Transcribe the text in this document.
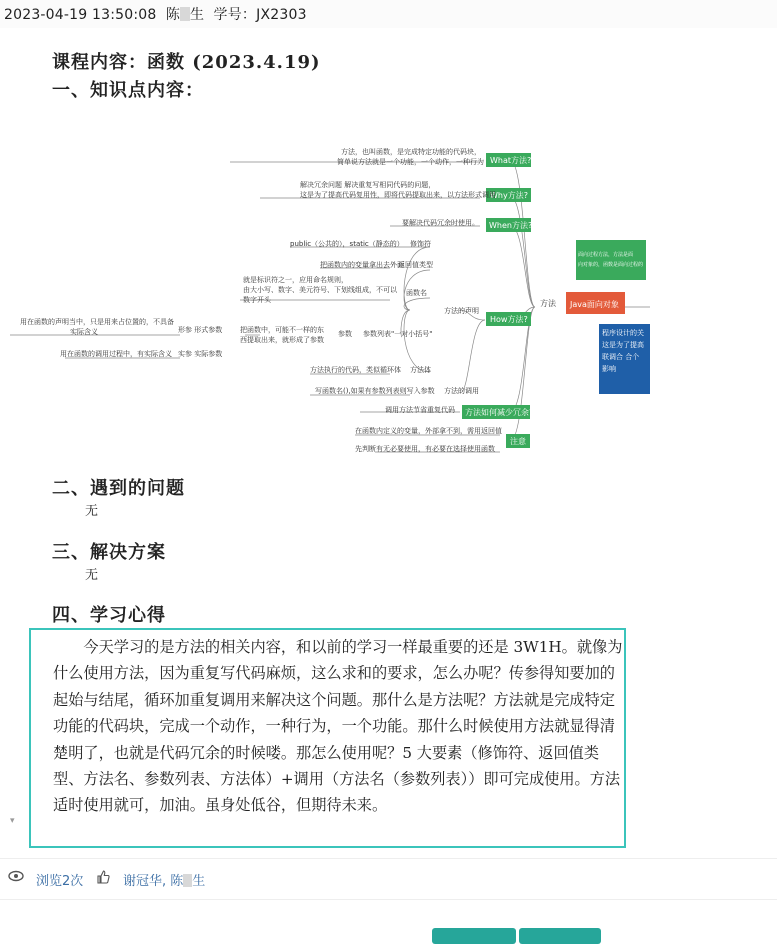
2023-04-19 13:50:08 陈 生 学号：JX2303
课程内容：函数 (2023.4.19)
一、知识点内容：
What方法?
Why方法?
When方法?
How方法?
方法如何减少冗余?
注意
方法 Java面向对象
面向过程方法，方法是面
向对象的，函数是面向过程的
程序设计的关
这是为了提高
联调合 合个
影响
方法，也叫函数，是完成特定功能的代码块，
简单说方法就是一个功能，一个动作，一种行为
解决冗余问题 解决重复写相同代码的问题，
这是为了提高代码复用性，即将代码提取出来，以方法形式调用
要解决代码冗余时使用。
public（公共的），static（静态的） 修饰符
把函数内的变量拿出去外面
返回值类型
就是标识符之一，应用命名规则，
由大小写、数字、美元符号、下划线组成，不可以
数字开头
函数名
方法的声明
用在函数的声明当中，只是用来占位置的，不具备
实际含义	形参 形式参数
用在函数的调用过程中，有实际含义 实参 实际参数
把函数中，可能不一样的东
西提取出来，就形成了参数
参数 参数列表"一对小括号"
方法执行的代码，类似循环体 方法体
写函数名(),如果有参数列表则写入参数 方法的调用
调用方法节省重复代码
在函数内定义的变量，外部拿不到，需用返回值
先判断有无必要使用，有必要在选择使用函数
二、遇到的问题
无
三、解决方案
无
四、学习心得
今天学习的是方法的相关内容，和以前的学习一样最重要的还是 3W1H。就像为什么使用方法，因为重复写代码麻烦，这么求和的要求，怎么办呢？传参得知要加的起始与结尾，循环加重复调用来解决这个问题。那什么是方法呢？方法就是完成特定功能的代码块，完成一个动作，一种行为，一个功能。那什么时候使用方法就显得清楚明了，也就是代码冗余的时候喽。那怎么使用呢？5 大要素（修饰符、返回值类型、方法名、参数列表、方法体）+调用（方法名（参数列表））即可完成使用。方法适时使用就可，加油。虽身处低谷，但期待未来。
▾
浏览2次	谢冠华, 陈 生
